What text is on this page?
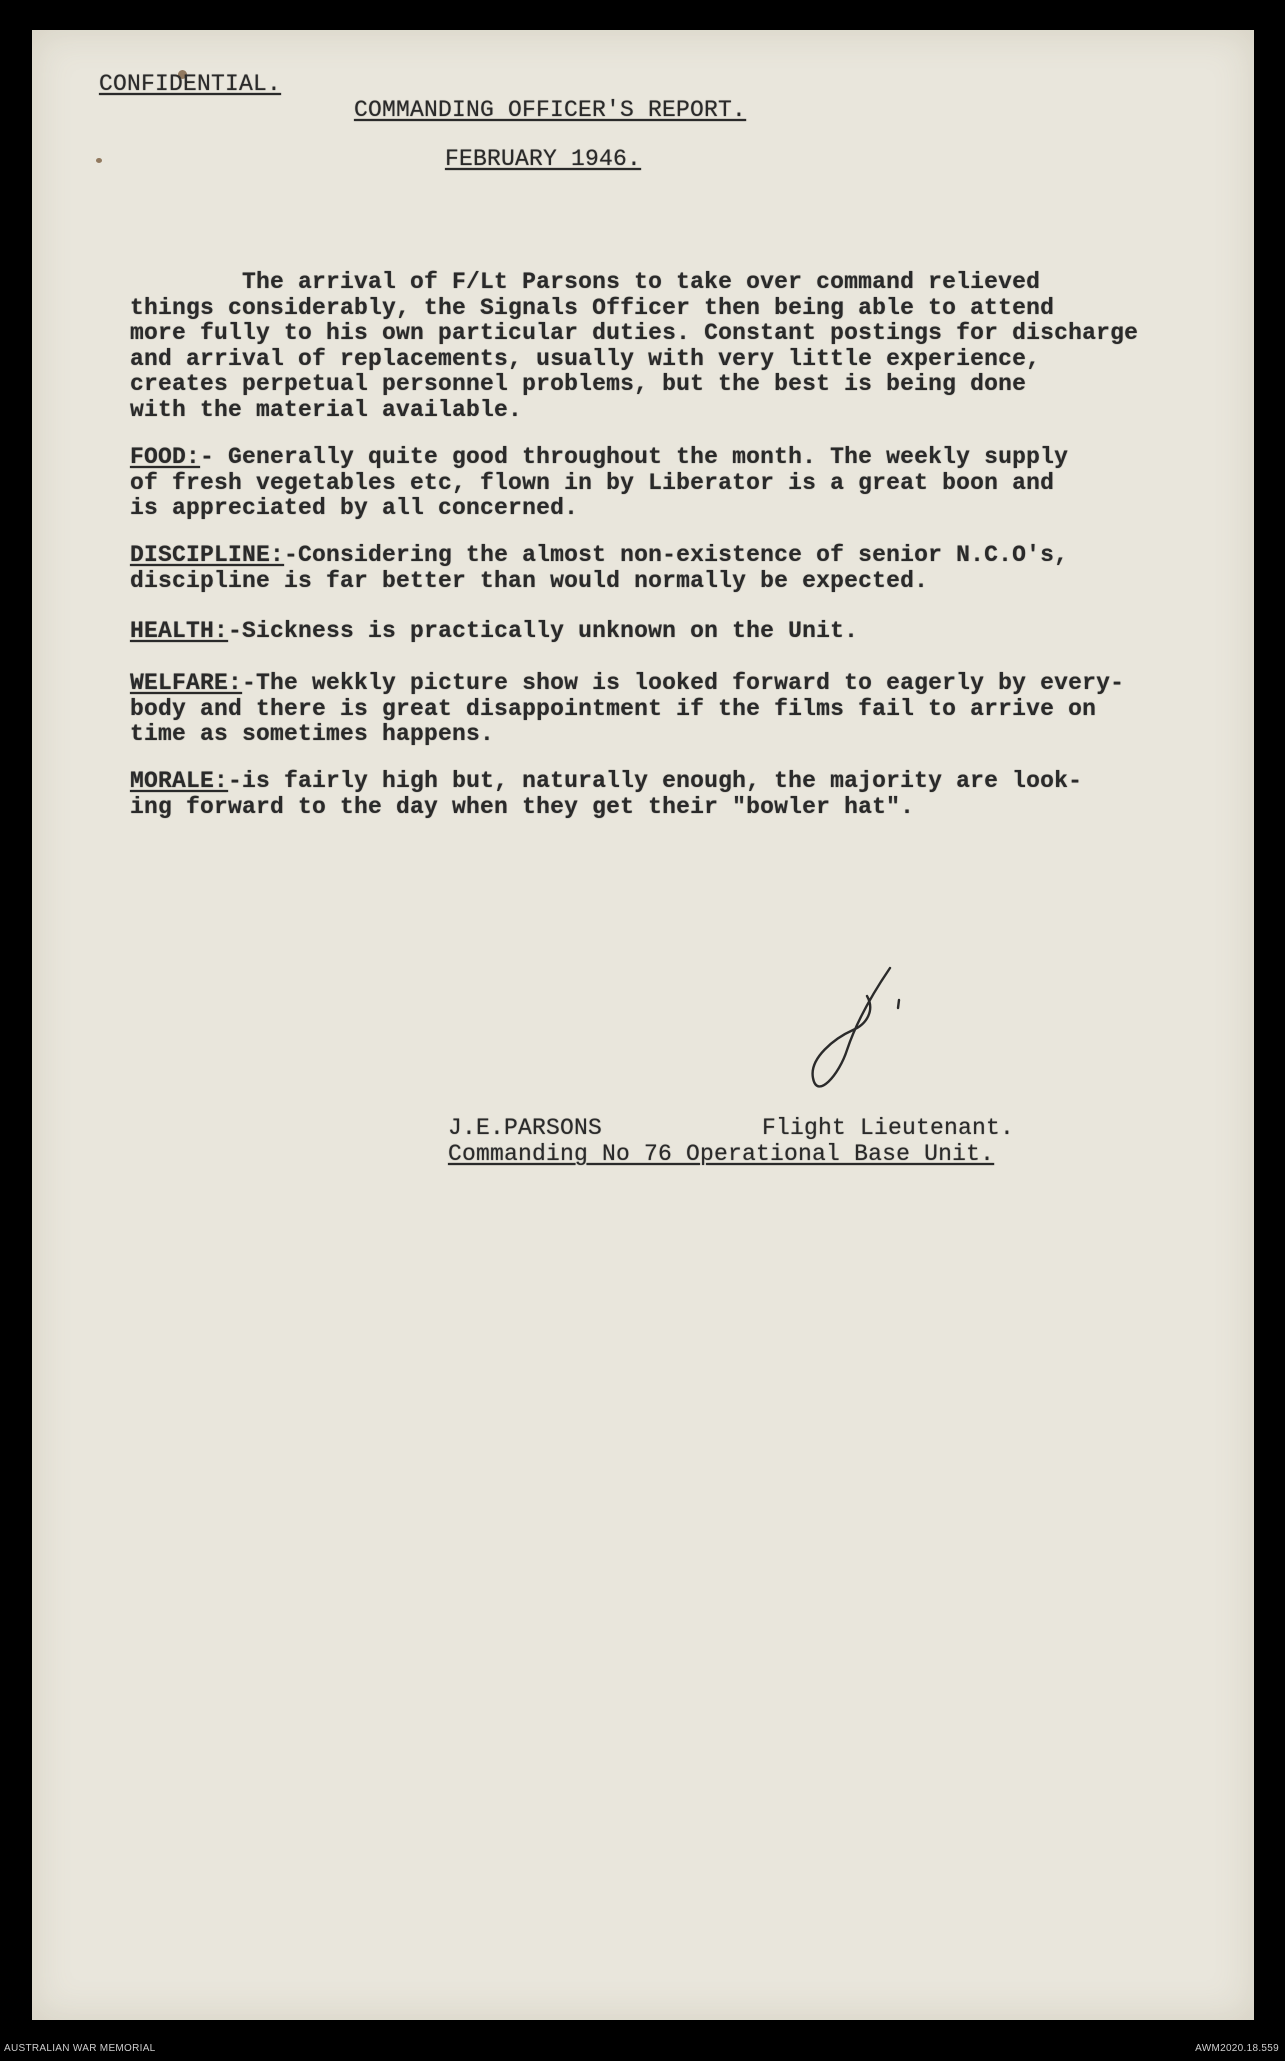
CONFIDENTIAL.
COMMANDING OFFICER'S REPORT.
FEBRUARY 1946.
The arrival of F/Lt Parsons to take over command relieved
things considerably, the Signals Officer then being able to attend
more fully to his own particular duties. Constant postings for discharge
and arrival of replacements, usually with very little experience,
creates perpetual personnel problems, but the best is being done
with the material available.
FOOD:- Generally quite good throughout the month. The weekly supply
of fresh vegetables etc, flown in by Liberator is a great boon and
is appreciated by all concerned.
DISCIPLINE:-Considering the almost non-existence of senior N.C.O's,
discipline is far better than would normally be expected.
HEALTH:-Sickness is practically unknown on the Unit.
WELFARE:-The wekkly picture show is looked forward to eagerly by every-
body and there is great disappointment if the films fail to arrive on
time as sometimes happens.
MORALE:-is fairly high but, naturally enough, the majority are look-
ing forward to the day when they get their "bowler hat".
J.E.PARSONS	Flight Lieutenant.
Commanding No 76 Operational Base Unit.
AUSTRALIAN WAR MEMORIAL	AWM2020.18.559
